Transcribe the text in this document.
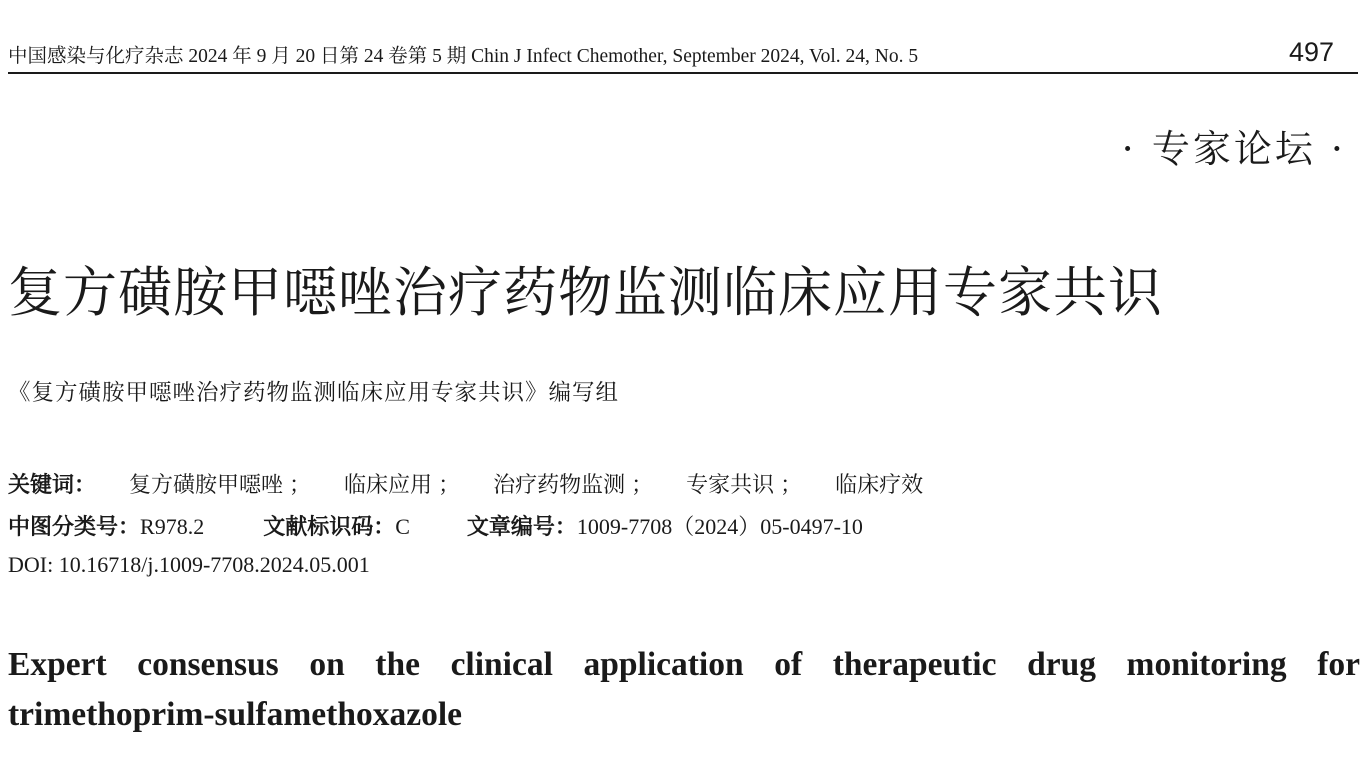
中国感染与化疗杂志 2024 年 9 月 20 日第 24 卷第 5 期 Chin J Infect Chemother, September 2024, Vol. 24, No. 5	497
· 专家论坛 ·
复方磺胺甲噁唑治疗药物监测临床应用专家共识
《复方磺胺甲噁唑治疗药物监测临床应用专家共识》编写组
关键词： 复方磺胺甲噁唑 ； 临床应用 ； 治疗药物监测 ； 专家共识 ； 临床疗效
中图分类号：R978.2	文献标识码：C	文章编号：1009-7708（2024）05-0497-10
DOI: 10.16718/j.1009-7708.2024.05.001
Expert consensus on the clinical application of therapeutic drug monitoring for
trimethoprim-sulfamethoxazole
